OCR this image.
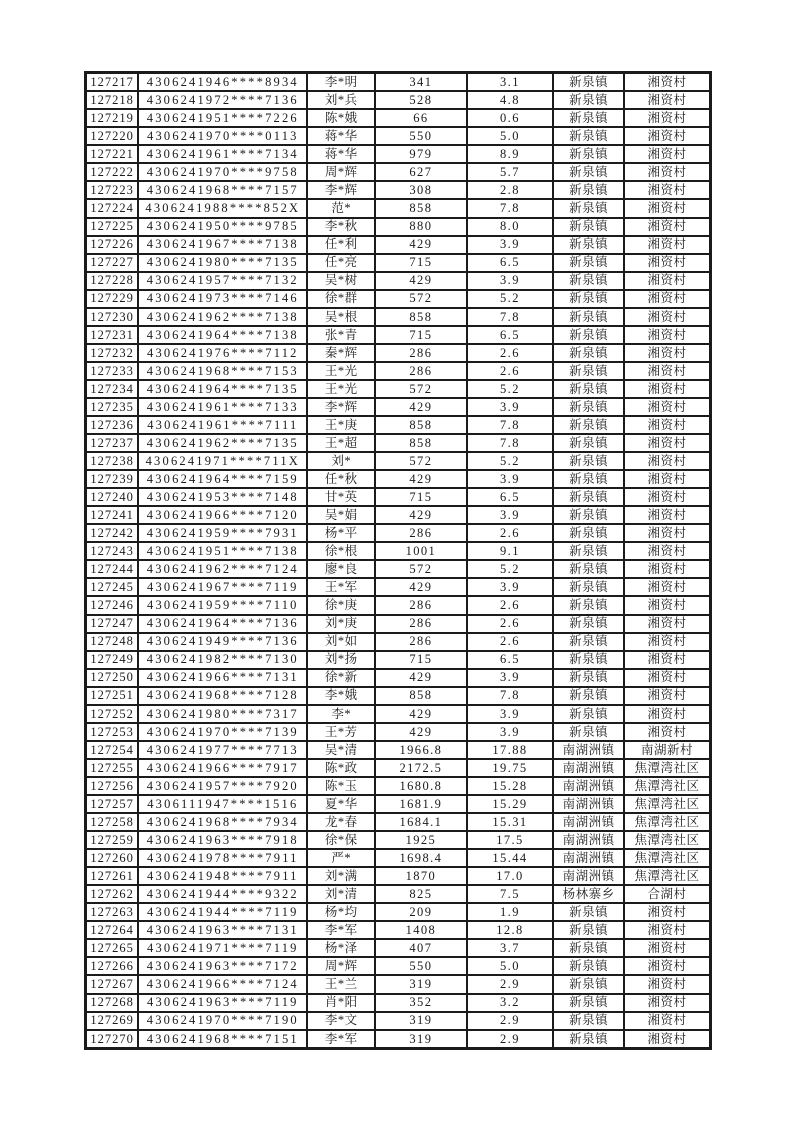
127217	4306241946****8934	李*明	341	3.1	新泉镇	湘资村
127218	4306241972****7136	刘*兵	528	4.8	新泉镇	湘资村
127219	4306241951****7226	陈*娥	66	0.6	新泉镇	湘资村
127220	4306241970****0113	蒋*华	550	5.0	新泉镇	湘资村
127221	4306241961****7134	蒋*华	979	8.9	新泉镇	湘资村
127222	4306241970****9758	周*辉	627	5.7	新泉镇	湘资村
127223	4306241968****7157	李*辉	308	2.8	新泉镇	湘资村
127224	4306241988****852X	范*	858	7.8	新泉镇	湘资村
127225	4306241950****9785	李*秋	880	8.0	新泉镇	湘资村
127226	4306241967****7138	任*利	429	3.9	新泉镇	湘资村
127227	4306241980****7135	任*亮	715	6.5	新泉镇	湘资村
127228	4306241957****7132	吴*树	429	3.9	新泉镇	湘资村
127229	4306241973****7146	徐*群	572	5.2	新泉镇	湘资村
127230	4306241962****7138	吴*根	858	7.8	新泉镇	湘资村
127231	4306241964****7138	张*青	715	6.5	新泉镇	湘资村
127232	4306241976****7112	秦*辉	286	2.6	新泉镇	湘资村
127233	4306241968****7153	王*光	286	2.6	新泉镇	湘资村
127234	4306241964****7135	王*光	572	5.2	新泉镇	湘资村
127235	4306241961****7133	李*辉	429	3.9	新泉镇	湘资村
127236	4306241961****7111	王*庚	858	7.8	新泉镇	湘资村
127237	4306241962****7135	王*超	858	7.8	新泉镇	湘资村
127238	4306241971****711X	刘*	572	5.2	新泉镇	湘资村
127239	4306241964****7159	任*秋	429	3.9	新泉镇	湘资村
127240	4306241953****7148	甘*英	715	6.5	新泉镇	湘资村
127241	4306241966****7120	吴*娟	429	3.9	新泉镇	湘资村
127242	4306241959****7931	杨*平	286	2.6	新泉镇	湘资村
127243	4306241951****7138	徐*根	1001	9.1	新泉镇	湘资村
127244	4306241962****7124	廖*良	572	5.2	新泉镇	湘资村
127245	4306241967****7119	王*军	429	3.9	新泉镇	湘资村
127246	4306241959****7110	徐*庚	286	2.6	新泉镇	湘资村
127247	4306241964****7136	刘*庚	286	2.6	新泉镇	湘资村
127248	4306241949****7136	刘*如	286	2.6	新泉镇	湘资村
127249	4306241982****7130	刘*扬	715	6.5	新泉镇	湘资村
127250	4306241966****7131	徐*新	429	3.9	新泉镇	湘资村
127251	4306241968****7128	李*娥	858	7.8	新泉镇	湘资村
127252	4306241980****7317	李*	429	3.9	新泉镇	湘资村
127253	4306241970****7139	王*芳	429	3.9	新泉镇	湘资村
127254	4306241977****7713	吴*清	1966.8	17.88	南湖洲镇	南湖新村
127255	4306241966****7917	陈*政	2172.5	19.75	南湖洲镇	焦潭湾社区
127256	4306241957****7920	陈*玉	1680.8	15.28	南湖洲镇	焦潭湾社区
127257	4306111947****1516	夏*华	1681.9	15.29	南湖洲镇	焦潭湾社区
127258	4306241968****7934	龙*春	1684.1	15.31	南湖洲镇	焦潭湾社区
127259	4306241963****7918	徐*保	1925	17.5	南湖洲镇	焦潭湾社区
127260	4306241978****7911	严*	1698.4	15.44	南湖洲镇	焦潭湾社区
127261	4306241948****7911	刘*满	1870	17.0	南湖洲镇	焦潭湾社区
127262	4306241944****9322	刘*清	825	7.5	杨林寨乡	合湖村
127263	4306241944****7119	杨*均	209	1.9	新泉镇	湘资村
127264	4306241963****7131	李*军	1408	12.8	新泉镇	湘资村
127265	4306241971****7119	杨*泽	407	3.7	新泉镇	湘资村
127266	4306241963****7172	周*辉	550	5.0	新泉镇	湘资村
127267	4306241966****7124	王*兰	319	2.9	新泉镇	湘资村
127268	4306241963****7119	肖*阳	352	3.2	新泉镇	湘资村
127269	4306241970****7190	李*文	319	2.9	新泉镇	湘资村
127270	4306241968****7151	李*军	319	2.9	新泉镇	湘资村
